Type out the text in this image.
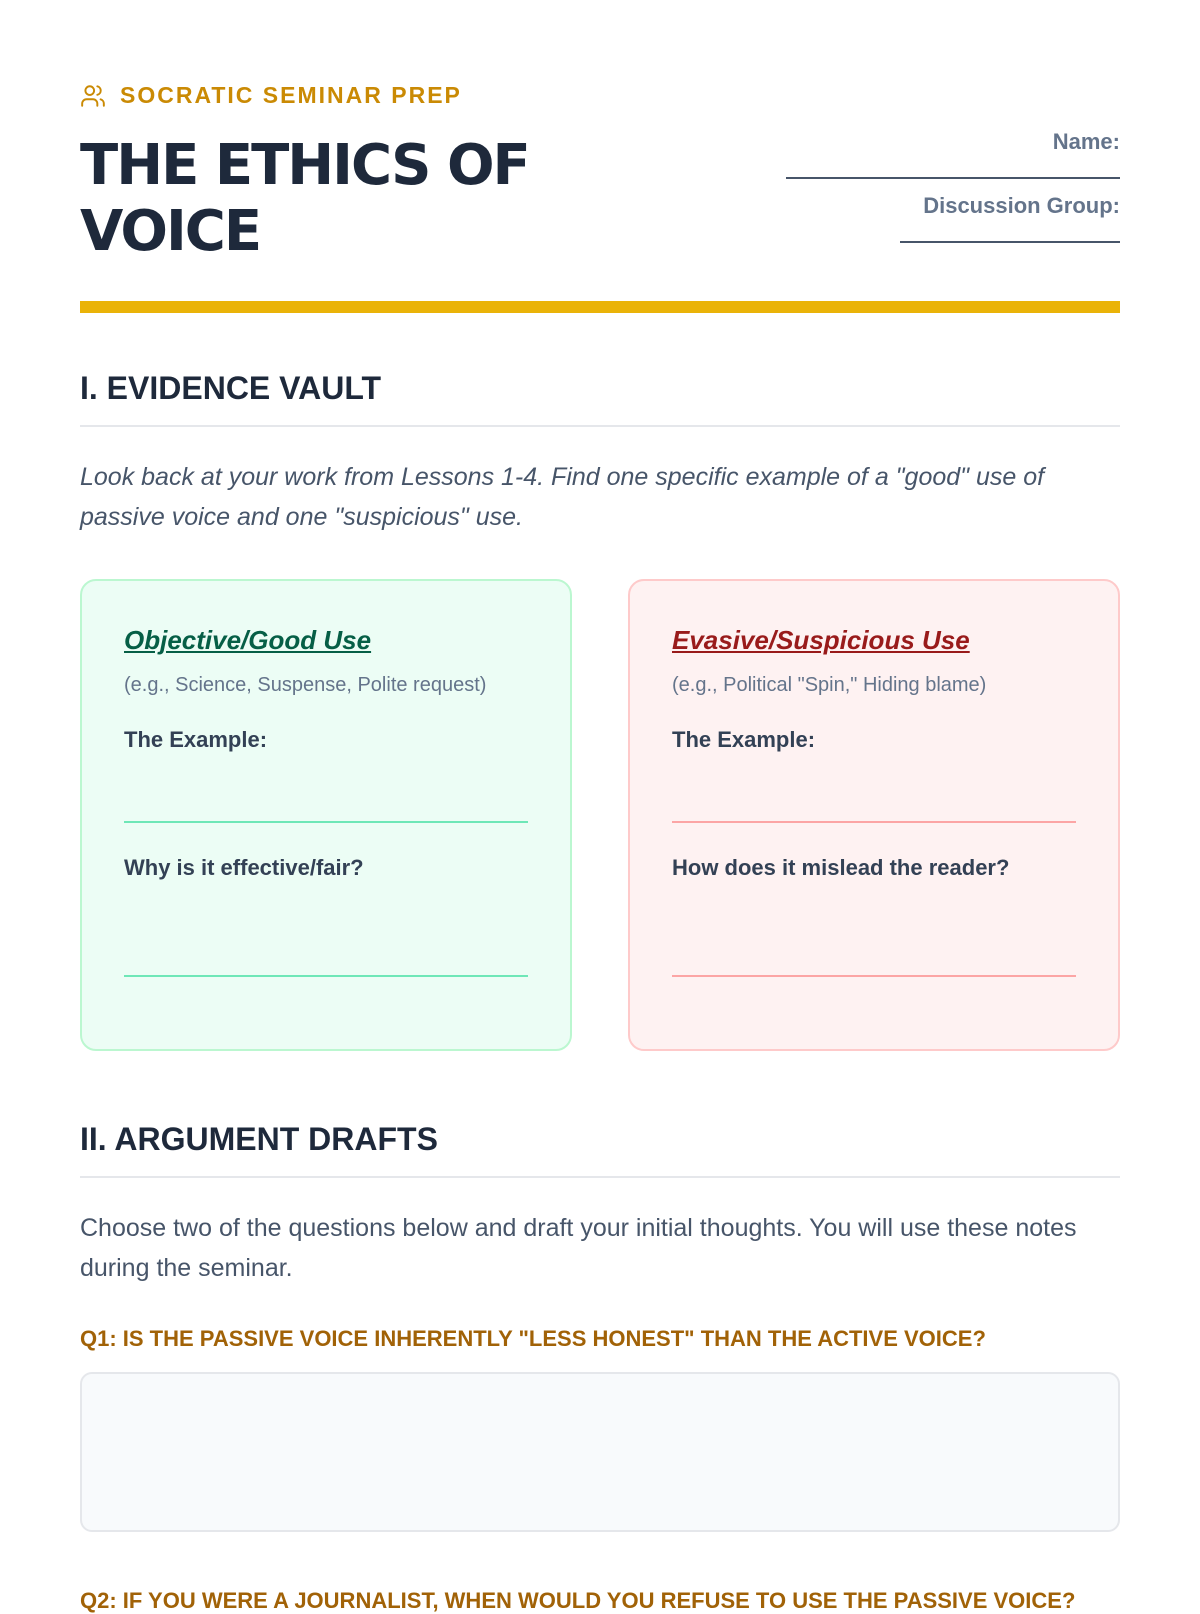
SOCRATIC SEMINAR PREP
THE ETHICS OF
VOICE
Name:
Discussion Group:
I. EVIDENCE VAULT

Look back at your work from Lessons 1-4. Find one specific example of a "good" use of passive voice and one "suspicious" use.

Objective/Good Use
(e.g., Science, Suspense, Polite request)
The Example:
Why is it effective/fair?
Evasive/Suspicious Use
(e.g., Political "Spin," Hiding blame)
The Example:
How does it mislead the reader?
II. ARGUMENT DRAFTS

Choose two of the questions below and draft your initial thoughts. You will use these notes during the seminar.

Q1: IS THE PASSIVE VOICE INHERENTLY "LESS HONEST" THAN THE ACTIVE VOICE?
Q2: IF YOU WERE A JOURNALIST, WHEN WOULD YOU REFUSE TO USE THE PASSIVE VOICE?
